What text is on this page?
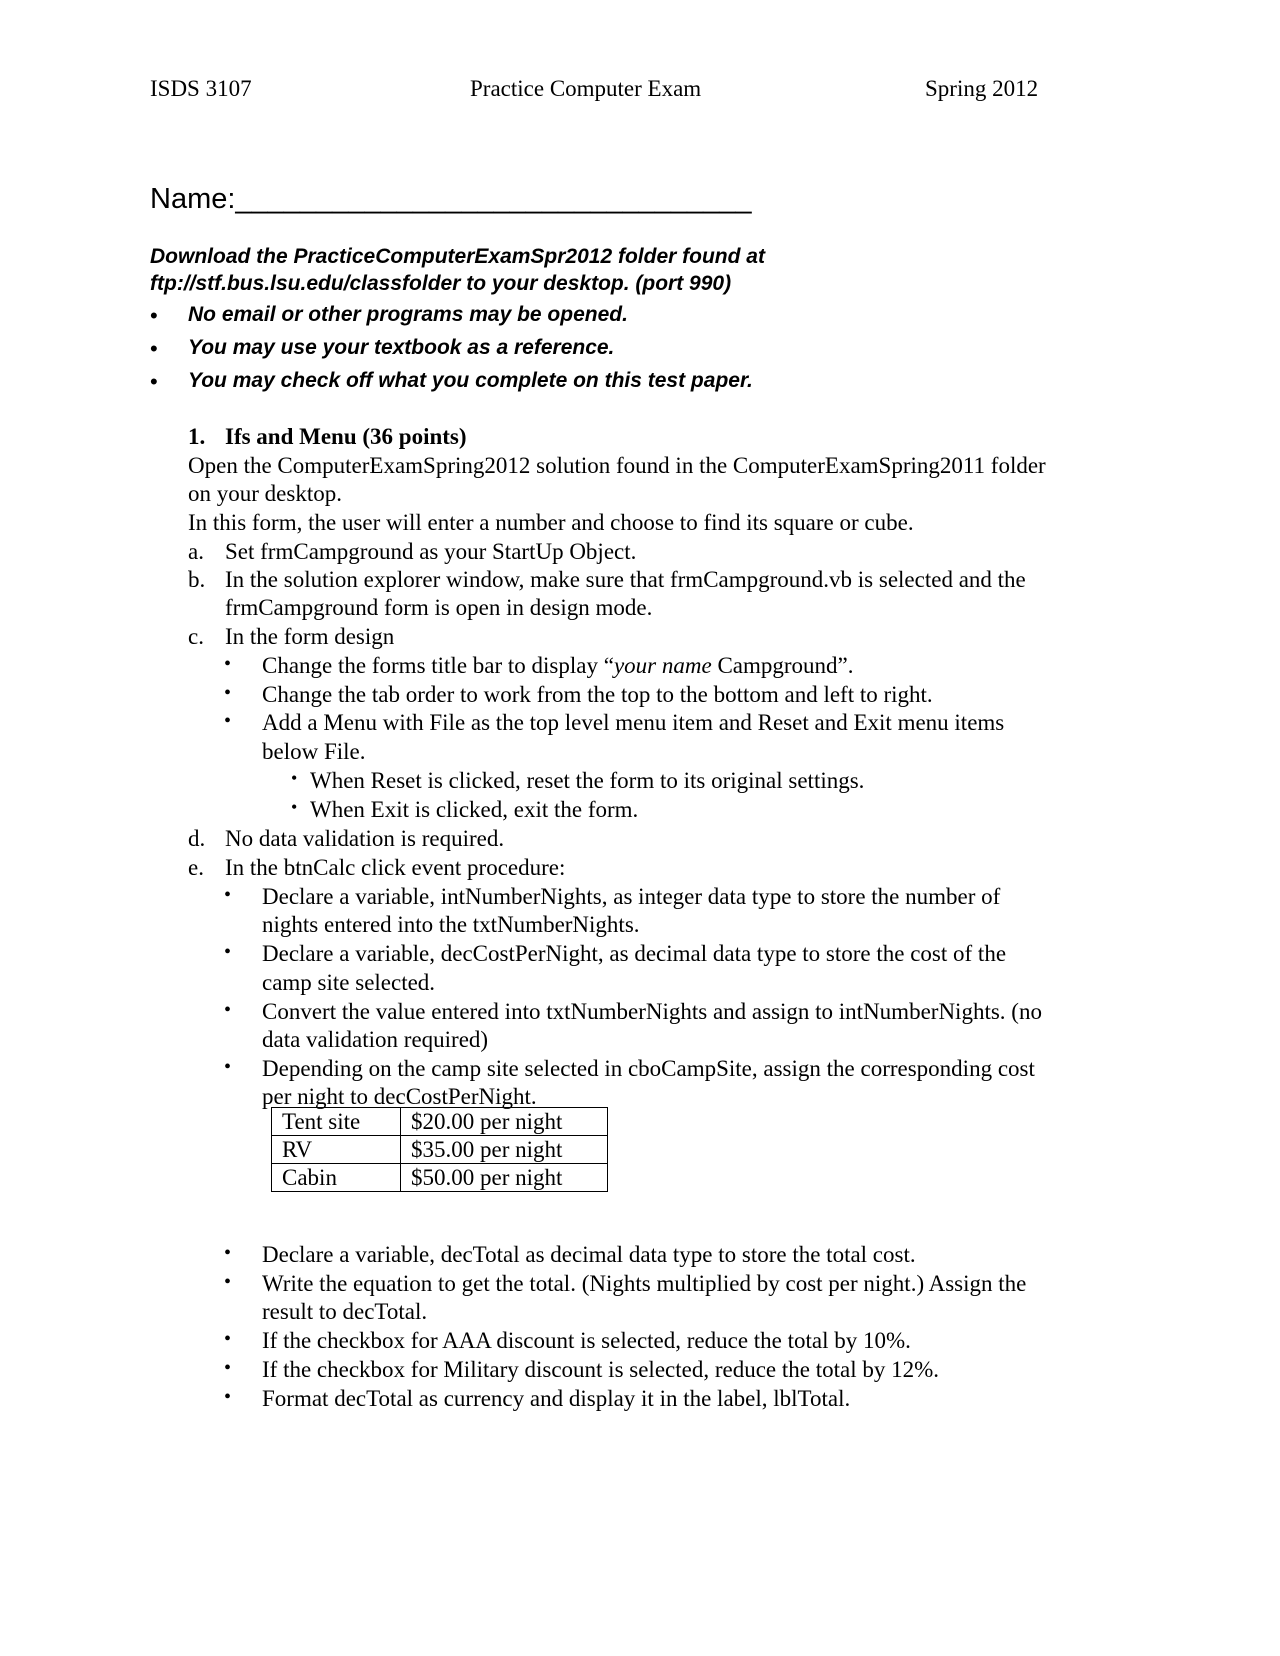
ISDS 3107	Practice Computer Exam	Spring 2012
Name:________________________________
Download the PracticeComputerExamSpr2012 folder found at
ftp://stf.bus.lsu.edu/classfolder to your desktop. (port 990)
• No email or other programs may be opened.
• You may use your textbook as a reference.
• You may check off what you complete on this test paper.
1. Ifs and Menu (36 points)
Open the ComputerExamSpring2012 solution found in the ComputerExamSpring2011 folder
on your desktop.
In this form, the user will enter a number and choose to find its square or cube.
a. Set frmCampground as your StartUp Object.
b. In the solution explorer window, make sure that frmCampground.vb is selected and the
frmCampground form is open in design mode.
c. In the form design
• Change the forms title bar to display “your name Campground”.
• Change the tab order to work from the top to the bottom and left to right.
• Add a Menu with File as the top level menu item and Reset and Exit menu items
below File.
• When Reset is clicked, reset the form to its original settings.
• When Exit is clicked, exit the form.
d. No data validation is required.
e. In the btnCalc click event procedure:
• Declare a variable, intNumberNights, as integer data type to store the number of
nights entered into the txtNumberNights.
• Declare a variable, decCostPerNight, as decimal data type to store the cost of the
camp site selected.
• Convert the value entered into txtNumberNights and assign to intNumberNights. (no
data validation required)
• Depending on the camp site selected in cboCampSite, assign the corresponding cost
per night to decCostPerNight.
Tent site	$20.00 per night
RV	$35.00 per night
Cabin	$50.00 per night
• Declare a variable, decTotal as decimal data type to store the total cost.
• Write the equation to get the total. (Nights multiplied by cost per night.) Assign the
result to decTotal.
• If the checkbox for AAA discount is selected, reduce the total by 10%.
• If the checkbox for Military discount is selected, reduce the total by 12%.
• Format decTotal as currency and display it in the label, lblTotal.
